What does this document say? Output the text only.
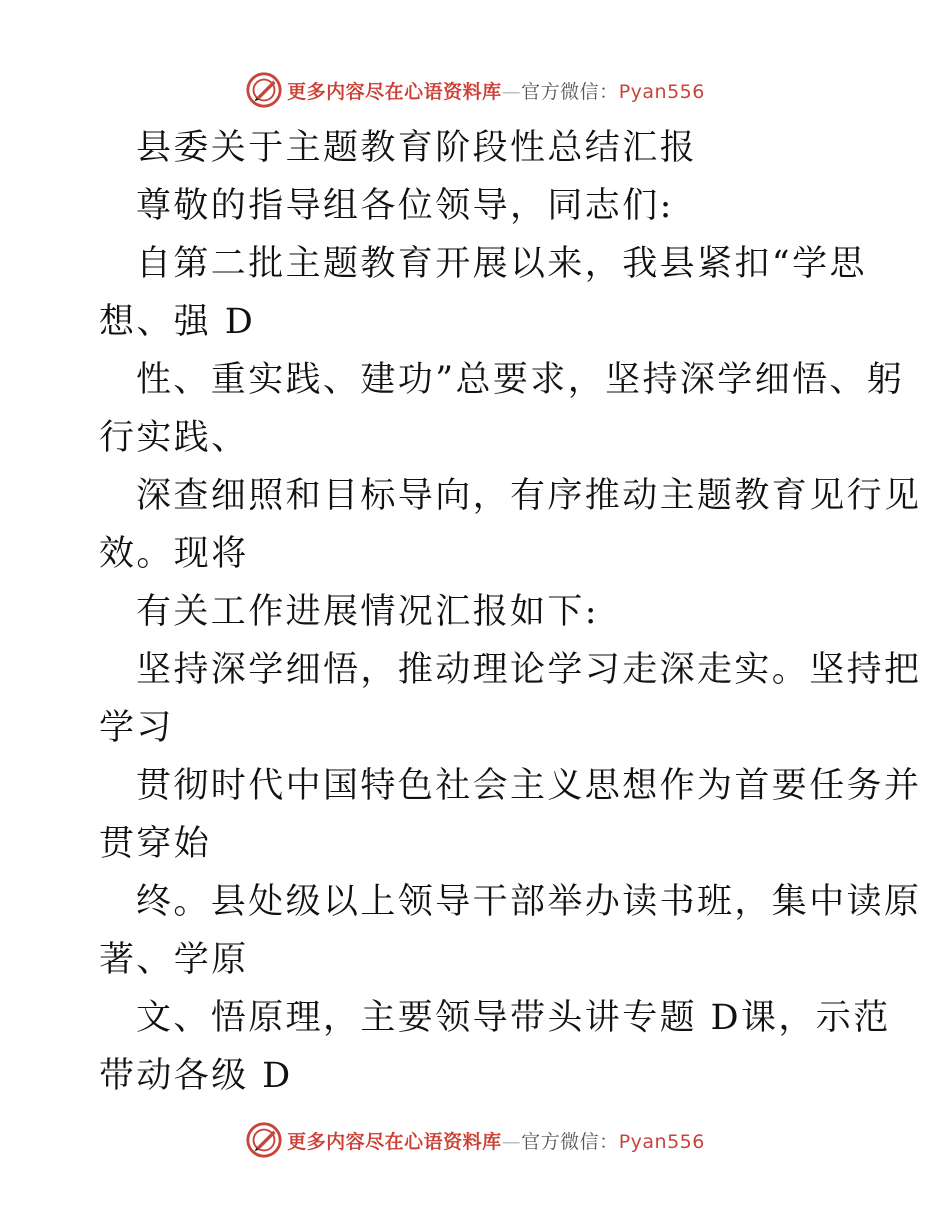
更多内容尽在心语资料库—官方微信：Pyan556
县委关于主题教育阶段性总结汇报
尊敬的指导组各位领导，同志们:
自第二批主题教育开展以来，我县紧扣“学思
想、强 D
性、重实践、建功”总要求，坚持深学细悟、躬
行实践、
深查细照和目标导向，有序推动主题教育见行见
效。现将
有关工作进展情况汇报如下:
坚持深学细悟，推动理论学习走深走实。坚持把
学习
贯彻时代中国特色社会主义思想作为首要任务并
贯穿始
终。县处级以上领导干部举办读书班，集中读原
著、学原
文、悟原理，主要领导带头讲专题 D课，示范
带动各级 D
更多内容尽在心语资料库—官方微信：Pyan556
